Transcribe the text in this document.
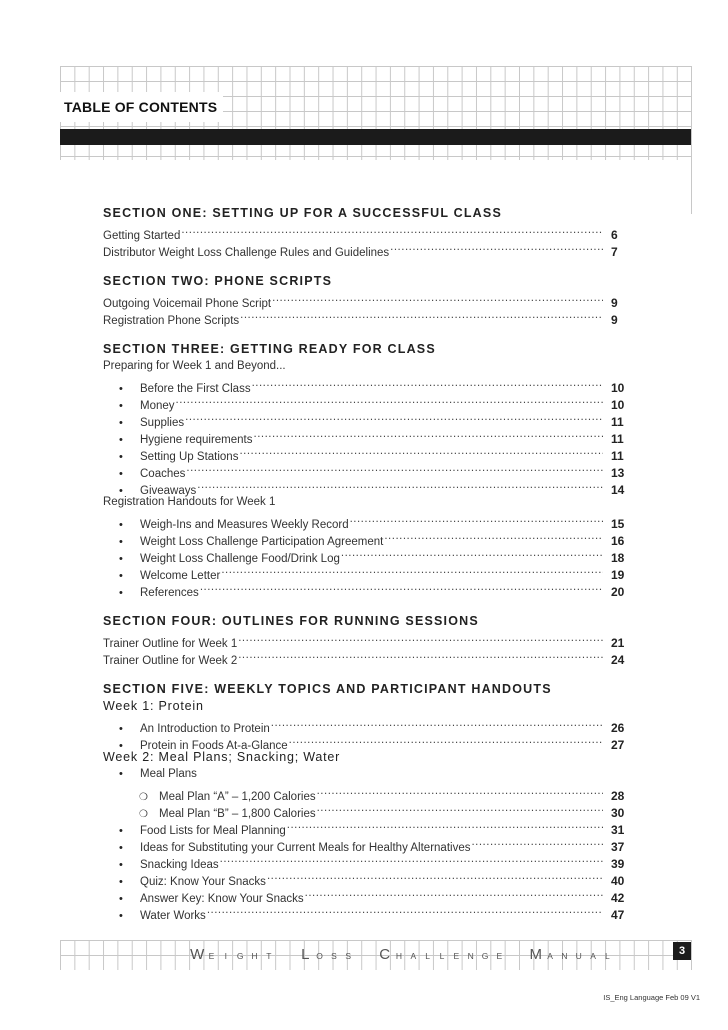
TABLE OF CONTENTS
SECTION ONE: SETTING UP FOR A SUCCESSFUL CLASS
Getting Started .....	6
Distributor Weight Loss Challenge Rules and Guidelines .....	7
SECTION TWO: PHONE SCRIPTS
Outgoing Voicemail Phone Script .....	9
Registration Phone Scripts .....	9
SECTION THREE: GETTING READY FOR CLASS
Preparing for Week 1 and Beyond...
• Before the First Class .....	10
• Money .....	10
• Supplies .....	11
• Hygiene requirements .....	11
• Setting Up Stations .....	11
• Coaches .....	13
• Giveaways .....	14
Registration Handouts for Week 1
• Weigh-Ins and Measures Weekly Record .....	15
• Weight Loss Challenge Participation Agreement .....	16
• Weight Loss Challenge Food/Drink Log .....	18
• Welcome Letter .....	19
• References .....	20
SECTION FOUR: OUTLINES FOR RUNNING SESSIONS
Trainer Outline for Week 1 .....	21
Trainer Outline for Week 2 .....	24
SECTION FIVE: WEEKLY TOPICS AND PARTICIPANT HANDOUTS
Week 1: Protein
• An Introduction to Protein .....	26
• Protein in Foods At-a-Glance .....	27
Week 2: Meal Plans; Snacking; Water
• Meal Plans
❍ Meal Plan “A” – 1,200 Calories .....	28
❍ Meal Plan “B” – 1,800 Calories .....	30
• Food Lists for Meal Planning .....	31
• Ideas for Substituting your Current Meals for Healthy Alternatives .....	37
• Snacking Ideas .....	39
• Quiz: Know Your Snacks .....	40
• Answer Key: Know Your Snacks .....	42
• Water Works .....	47
W E	I	G H	T	L O S	S C H A	L	L	E N G E M A N U A	L	3
IS_Eng Language Feb 09 V1
